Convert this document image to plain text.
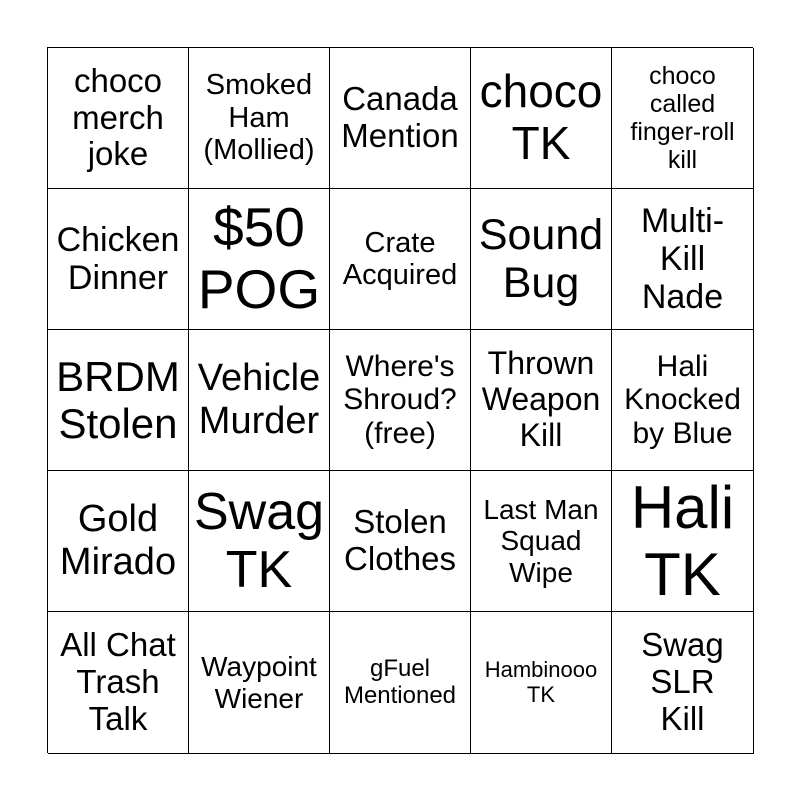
choco
merch
joke
Smoked
Ham
(Mollied)
Canada
Mention
choco
TK
choco
called
finger-roll
kill
Chicken
Dinner
$50
POG
Crate
Acquired
Sound
Bug
Multi-
Kill
Nade
BRDM
Stolen
Vehicle
Murder
Where's
Shroud?
(free)
Thrown
Weapon
Kill
Hali
Knocked
by Blue
Gold
Mirado
Swag
TK
Stolen
Clothes
Last Man
Squad
Wipe
Hali
TK
All Chat
Trash
Talk
Waypoint
Wiener
gFuel
Mentioned
Hambinooo
TK
Swag
SLR
Kill
